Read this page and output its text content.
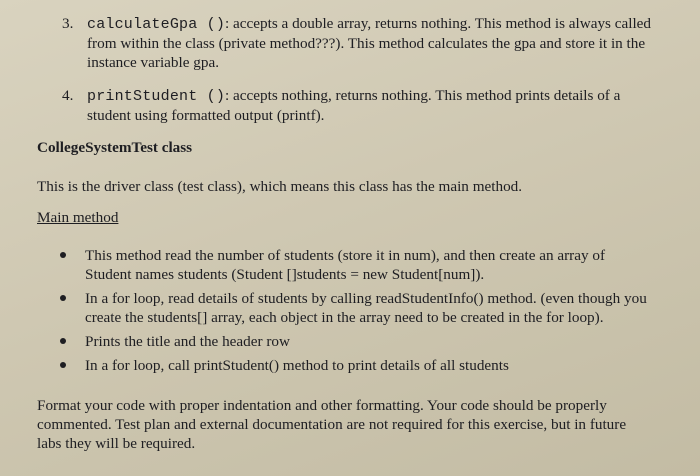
3. calculateGpa (): accepts a double array, returns nothing. This method is always called
from within the class (private method???). This method calculates the gpa and store it in the
instance variable gpa.
4. printStudent (): accepts nothing, returns nothing. This method prints details of a
student using formatted output (printf).
CollegeSystemTest class
This is the driver class (test class), which means this class has the main method.
Main method
This method read the number of students (store it in num), and then create an array of
Student names students (Student []students = new Student[num]).
In a for loop, read details of students by calling readStudentInfo() method. (even though you
create the students[] array, each object in the array need to be created in the for loop).
Prints the title and the header row
In a for loop, call printStudent() method to print details of all students
Format your code with proper indentation and other formatting. Your code should be properly
commented. Test plan and external documentation are not required for this exercise, but in future
labs they will be required.
